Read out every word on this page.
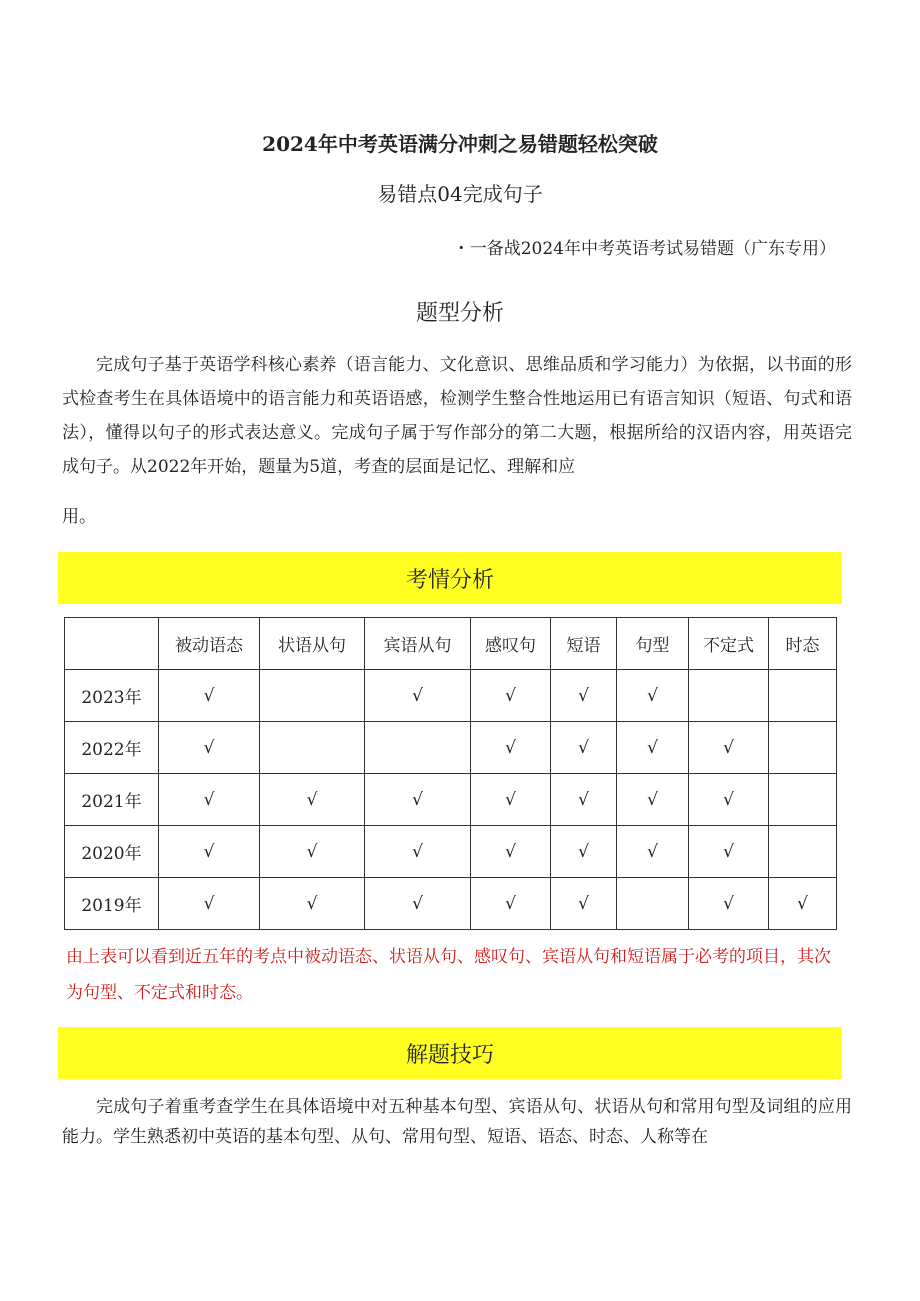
2024年中考英语满分冲刺之易错题轻松突破
易错点04完成句子
・一备战2024年中考英语考试易错题（广东专用）
题型分析
完成句子基于英语学科核心素养（语言能力、文化意识、思维品质和学习能力）为依据，以书面的形式检查考生在具体语境中的语言能力和英语语感，检测学生整合性地运用已有语言知识（短语、句式和语法），懂得以句子的形式表达意义。完成句子属于写作部分的第二大题，根据所给的汉语内容，用英语完成句子。从2022年开始，题量为5道，考查的层面是记忆、理解和应
用。
考情分析
	被动语态	状语从句	宾语从句	感叹句	短语	句型	不定式	时态
2023年	√		√	√	√	√		
2022年	√			√	√	√	√	
2021年	√	√	√	√	√	√	√	
2020年	√	√	√	√	√	√	√	
2019年	√	√	√	√	√		√	√
由上表可以看到近五年的考点中被动语态、状语从句、感叹句、宾语从句和短语属于必考的项目，其次为句型、不定式和时态。
解题技巧
完成句子着重考查学生在具体语境中对五种基本句型、宾语从句、状语从句和常用句型及词组的应用能力。学生熟悉初中英语的基本句型、从句、常用句型、短语、语态、时态、人称等在
